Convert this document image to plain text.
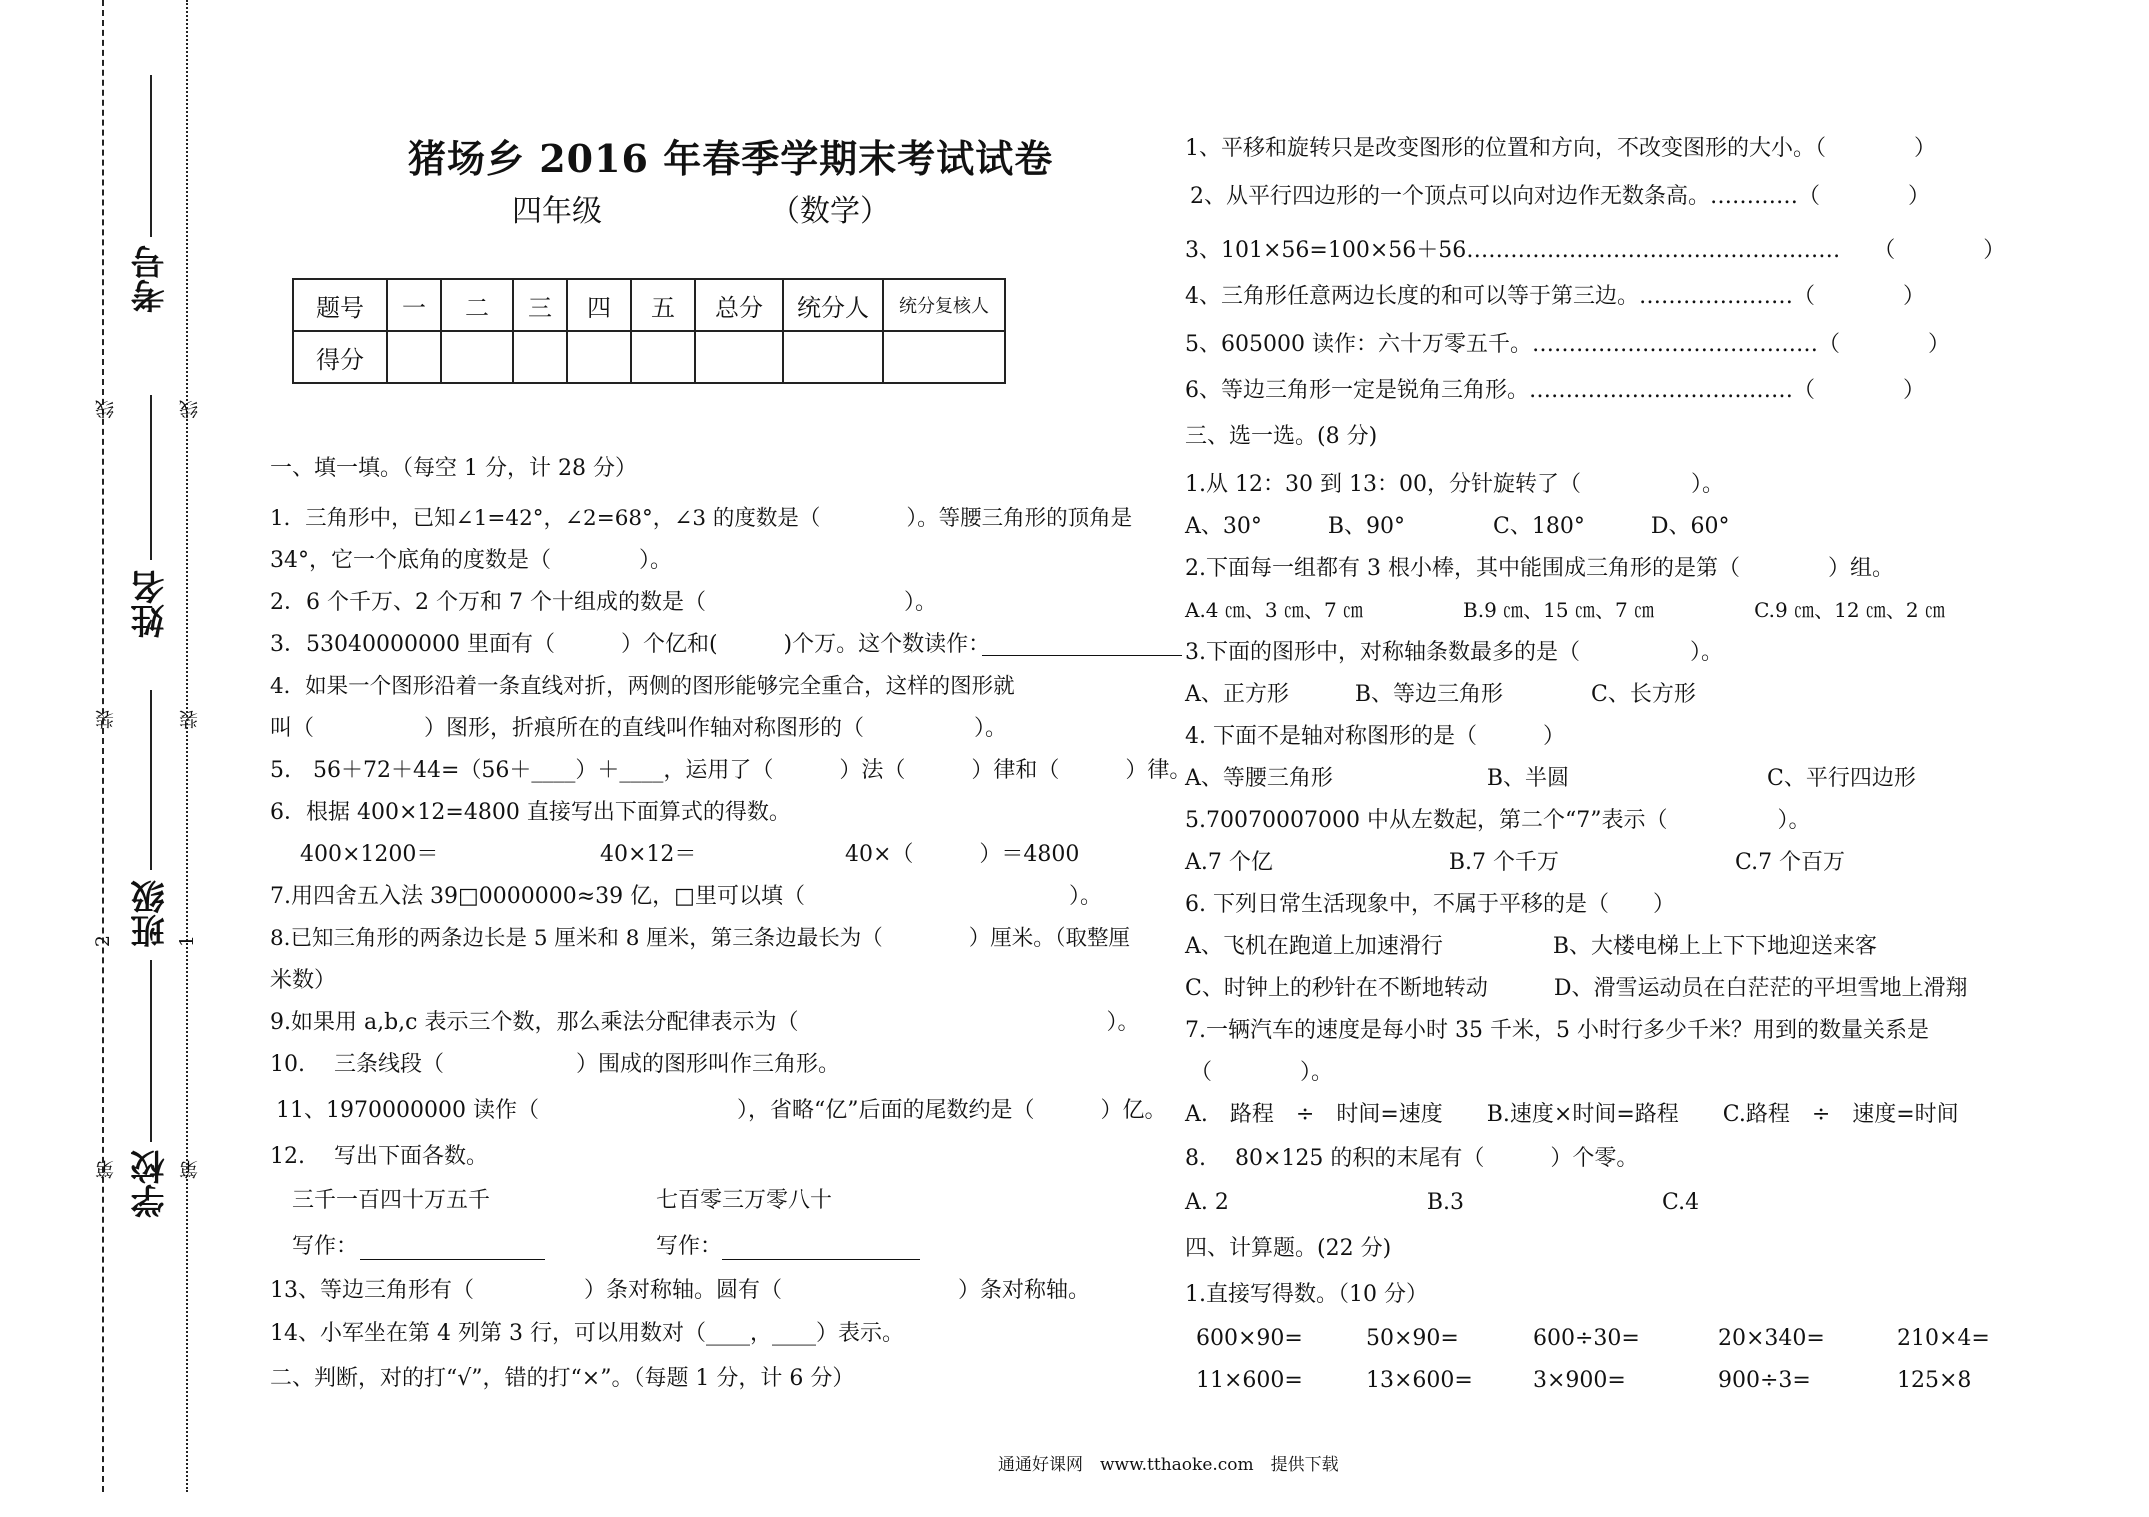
第
2
装
线
第
1
装
线
学校
班级
姓名
考号
猪场乡 2016 年春季学期末考试试卷
四年级	（数学）
题号	一	二	三	四	五	总分	统分人	统分复核人
得分								
一、填一填。（每空 1 分，计 28 分）
1．三角形中，已知∠1=42°，∠2=68°，∠3 的度数是（　　　　）。等腰三角形的顶角是
34°，它一个底角的度数是（　　　　）。
2．6 个千万、2 个万和 7 个十组成的数是（　　　　　　　　　）。
3．53040000000 里面有（　　　）个亿和(　　　)个万。这个数读作：
4．如果一个图形沿着一条直线对折，两侧的图形能够完全重合，这样的图形就
叫（　　　　　）图形，折痕所在的直线叫作轴对称图形的（　　　　　）。
5.　56＋72＋44=（56＋____）＋____，运用了（　　　）法（　　　）律和（　　　）律。
6．根据 400×12=4800 直接写出下面算式的得数。
400×1200＝	40×12＝	40×（　　　）＝4800
7.用四舍五入法 39□0000000≈39 亿，□里可以填（　　　　　　　　　　　　）。
8.已知三角形的两条边长是 5 厘米和 8 厘米，第三条边最长为（　　　　）厘米。（取整厘
米数）
9.如果用 a,b,c 表示三个数，那么乘法分配律表示为（　　　　　　　　　　　　　　）。
10.　 三条线段（　　　　　　）围成的图形叫作三角形。
11、1970000000 读作（　　　　　　　　　），省略“亿”后面的尾数约是（　　　）亿。
12.　 写出下面各数。
三千一百四十万五千	七百零三万零八十
写作：	写作：
13、等边三角形有（　　　　　）条对称轴。圆有（　　　　　　　　）条对称轴。
14、小军坐在第 4 列第 3 行，可以用数对（____，____）表示。
二、判断，对的打“√”，错的打“×”。（每题 1 分，计 6 分）
1、平移和旋转只是改变图形的位置和方向，不改变图形的大小。（　　　　）
2、从平行四边形的一个顶点可以向对边作无数条高。…………（　　　　）
3、101×56=100×56＋56……………………………………………　　（　　　　）
4、三角形任意两边长度的和可以等于第三边。…………………（　　　　）
5、605000 读作：六十万零五千。…………………………………（　　　　）
6、等边三角形一定是锐角三角形。………………………………（　　　　）
三、选一选。(8 分)
1.从 12：30 到 13：00，分针旋转了（　　　　　）。
A、30°　　　B、90°　　　　C、180°　　　D、60°
2.下面每一组都有 3 根小棒，其中能围成三角形的是第（　　　　）组。
A.4 ㎝、3 ㎝、7 ㎝　　　　　B.9 ㎝、15 ㎝、7 ㎝　　　　　C.9 ㎝、12 ㎝、2 ㎝
3.下面的图形中，对称轴条数最多的是（　　　　　）。
A、正方形　　　B、等边三角形　　　　C、长方形
4. 下面不是轴对称图形的是（　　　）
A、等腰三角形　　　　　　　B、半圆　　　　　　　　　C、平行四边形
5.70070007000 中从左数起，第二个“7”表示（　　　　　）。
A.7 个亿　　　　　　　　B.7 个千万　　　　　　　　C.7 个百万
6. 下列日常生活现象中，不属于平移的是（　　）
A、飞机在跑道上加速滑行　　　　　B、大楼电梯上上下下地迎送来客
C、时钟上的秒针在不断地转动　　　D、滑雪运动员在白茫茫的平坦雪地上滑翔
7.一辆汽车的速度是每小时 35 千米，5 小时行多少千米？用到的数量关系是
（　　　　）。
A.　路程　÷　时间=速度　　B.速度×时间=路程　　C.路程　÷　速度=时间
8.　 80×125 的积的末尾有（　　　）个零。
A. 2　　　　　　　　　B.3　　　　　　　　　C.4
四、计算题。(22 分)
1.直接写得数。（10 分）
600×90=	50×90=	600÷30=	20×340=	210×4=
11×600=	13×600=	3×900=	900÷3=	125×8
通通好课网　www.tthaoke.com　提供下载
